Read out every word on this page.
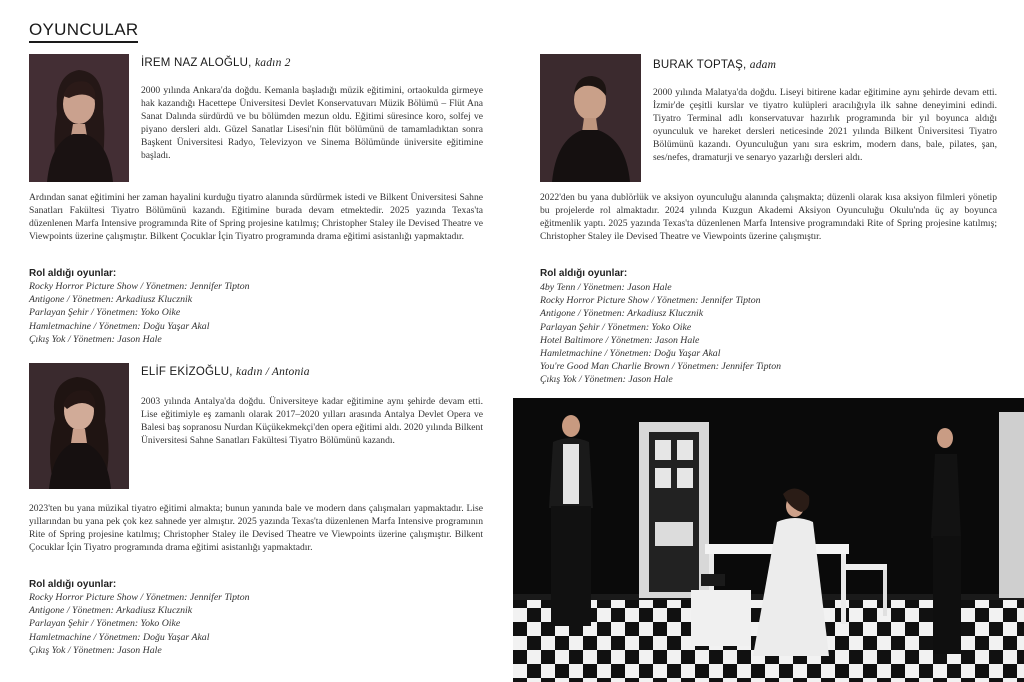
OYUNCULAR
İREM NAZ ALOĞLU, kadın 2
2000 yılında Ankara'da doğdu. Kemanla başladığı müzik eğitimini, ortaokulda girmeye hak kazandığı Hacettepe Üniversitesi Devlet Konservatuvarı Müzik Bölümü – Flüt Ana Sanat Dalında sürdürdü ve bu bölümden mezun oldu. Eğitimi süresince koro, solfej ve piyano dersleri aldı. Güzel Sanatlar Lisesi'nin flüt bölümünü de tamamladıktan sonra Başkent Üniversitesi Radyo, Televizyon ve Sinema Bölümünde üniversite eğitimine başladı.
Ardından sanat eğitimini her zaman hayalini kurduğu tiyatro alanında sürdürmek istedi ve Bilkent Üniversitesi Sahne Sanatları Fakültesi Tiyatro Bölümünü kazandı. Eğitimine burada devam etmektedir. 2025 yazında Texas'ta düzenlenen Marfa Intensive programında Rite of Spring projesine katılmış; Christopher Staley ile Devised Theatre ve Viewpoints üzerine çalışmıştır. Bilkent Çocuklar İçin Tiyatro programında drama eğitimi asistanlığı yapmaktadır.
Rol aldığı oyunlar:
Rocky Horror Picture Show / Yönetmen: Jennifer Tipton
Antigone / Yönetmen: Arkadiusz Klucznik
Parlayan Şehir / Yönetmen: Yoko Oike
Hamletmachine / Yönetmen: Doğu Yaşar Akal
Çıkış Yok / Yönetmen: Jason Hale
ELİF EKİZOĞLU, kadın / Antonia
2003 yılında Antalya'da doğdu. Üniversiteye kadar eğitimine aynı şehirde devam etti. Lise eğitimiyle eş zamanlı olarak 2017–2020 yılları arasında Antalya Devlet Opera ve Balesi baş sopranosu Nurdan Küçükekmekçi'den opera eğitimi aldı. 2020 yılında Bilkent Üniversitesi Sahne Sanatları Fakültesi Tiyatro Bölümünü kazandı.
2023'ten bu yana müzikal tiyatro eğitimi almakta; bunun yanında bale ve modern dans çalışmaları yapmaktadır. Lise yıllarından bu yana pek çok kez sahnede yer almıştır. 2025 yazında Texas'ta düzenlenen Marfa Intensive programının Rite of Spring projesine katılmış; Christopher Staley ile Devised Theatre ve Viewpoints üzerine çalışmıştır. Bilkent Çocuklar İçin Tiyatro programında drama eğitimi asistanlığı yapmaktadır.
Rol aldığı oyunlar:
Rocky Horror Picture Show / Yönetmen: Jennifer Tipton
Antigone / Yönetmen: Arkadiusz Klucznik
Parlayan Şehir / Yönetmen: Yoko Oike
Hamletmachine / Yönetmen: Doğu Yaşar Akal
Çıkış Yok / Yönetmen: Jason Hale
BURAK TOPTAŞ, adam
2000 yılında Malatya'da doğdu. Liseyi bitirene kadar eğitimine aynı şehirde devam etti. İzmir'de çeşitli kurslar ve tiyatro kulüpleri aracılığıyla ilk sahne deneyimini edindi. Tiyatro Terminal adlı konservatuvar hazırlık programında bir yıl boyunca aldığı oyunculuk ve hareket dersleri neticesinde 2021 yılında Bilkent Üniversitesi Tiyatro Bölümünü kazandı. Oyunculuğun yanı sıra eskrim, modern dans, bale, pilates, şan, ses/nefes, dramaturji ve senaryo yazarlığı dersleri aldı.
2022'den bu yana dublörlük ve aksiyon oyunculuğu alanında çalışmakta; düzenli olarak kısa aksiyon filmleri yönetip bu projelerde rol almaktadır. 2024 yılında Kuzgun Akademi Aksiyon Oyunculuğu Okulu'nda üç ay boyunca eğitmenlik yaptı. 2025 yazında Texas'ta düzenlenen Marfa Intensive programındaki Rite of Spring projesine katılmış; Christopher Staley ile Devised Theatre ve Viewpoints üzerine çalışmıştır.
Rol aldığı oyunlar:
4by Tenn / Yönetmen: Jason Hale
Rocky Horror Picture Show / Yönetmen: Jennifer Tipton
Antigone / Yönetmen: Arkadiusz Klucznik
Parlayan Şehir / Yönetmen: Yoko Oike
Hotel Baltimore / Yönetmen: Jason Hale
Hamletmachine / Yönetmen: Doğu Yaşar Akal
You're Good Man Charlie Brown / Yönetmen: Jennifer Tipton
Çıkış Yok / Yönetmen: Jason Hale
